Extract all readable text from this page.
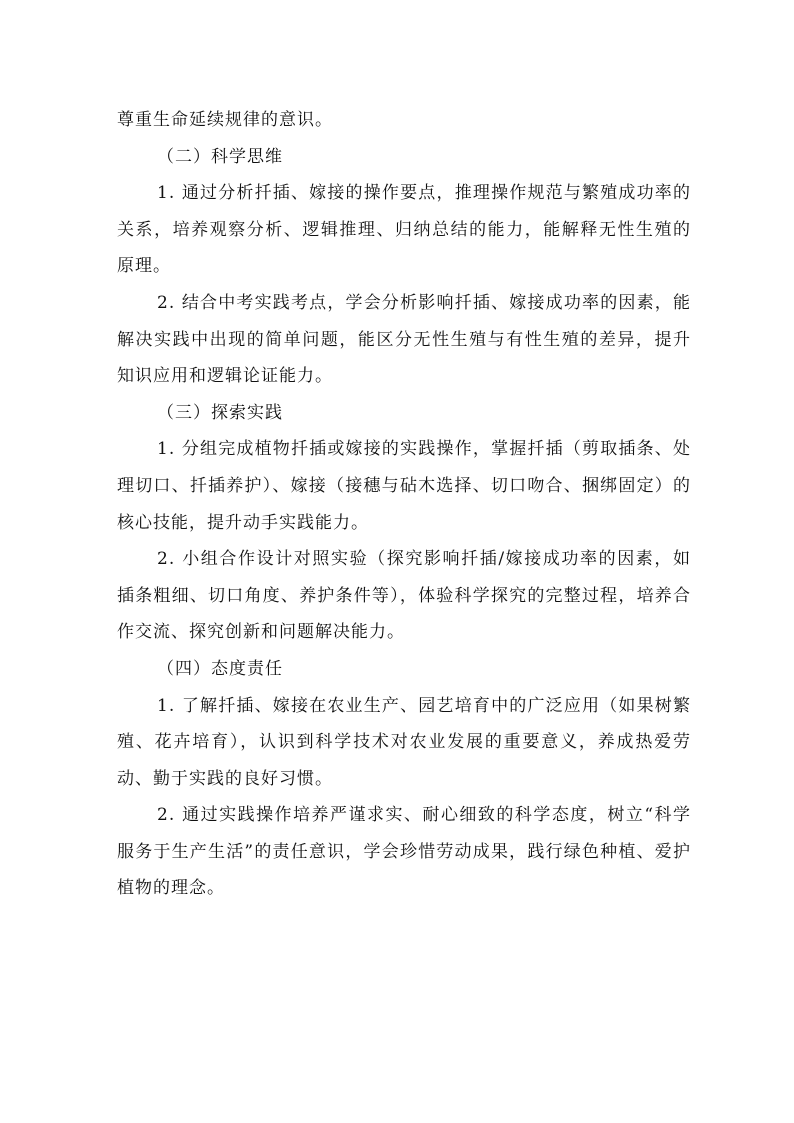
尊重生命延续规律的意识。

（二）科学思维

1. 通过分析扦插、嫁接的操作要点，推理操作规范与繁殖成功率的关系，培养观察分析、逻辑推理、归纳总结的能力，能解释无性生殖的原理。

2. 结合中考实践考点，学会分析影响扦插、嫁接成功率的因素，能解决实践中出现的简单问题，能区分无性生殖与有性生殖的差异，提升知识应用和逻辑论证能力。

（三）探索实践

1. 分组完成植物扦插或嫁接的实践操作，掌握扦插（剪取插条、处理切口、扦插养护）、嫁接（接穗与砧木选择、切口吻合、捆绑固定）的核心技能，提升动手实践能力。

2. 小组合作设计对照实验（探究影响扦插/嫁接成功率的因素，如插条粗细、切口角度、养护条件等），体验科学探究的完整过程，培养合作交流、探究创新和问题解决能力。

（四）态度责任

1. 了解扦插、嫁接在农业生产、园艺培育中的广泛应用（如果树繁殖、花卉培育），认识到科学技术对农业发展的重要意义，养成热爱劳动、勤于实践的良好习惯。

2. 通过实践操作培养严谨求实、耐心细致的科学态度，树立“科学服务于生产生活”的责任意识，学会珍惜劳动成果，践行绿色种植、爱护植物的理念。
